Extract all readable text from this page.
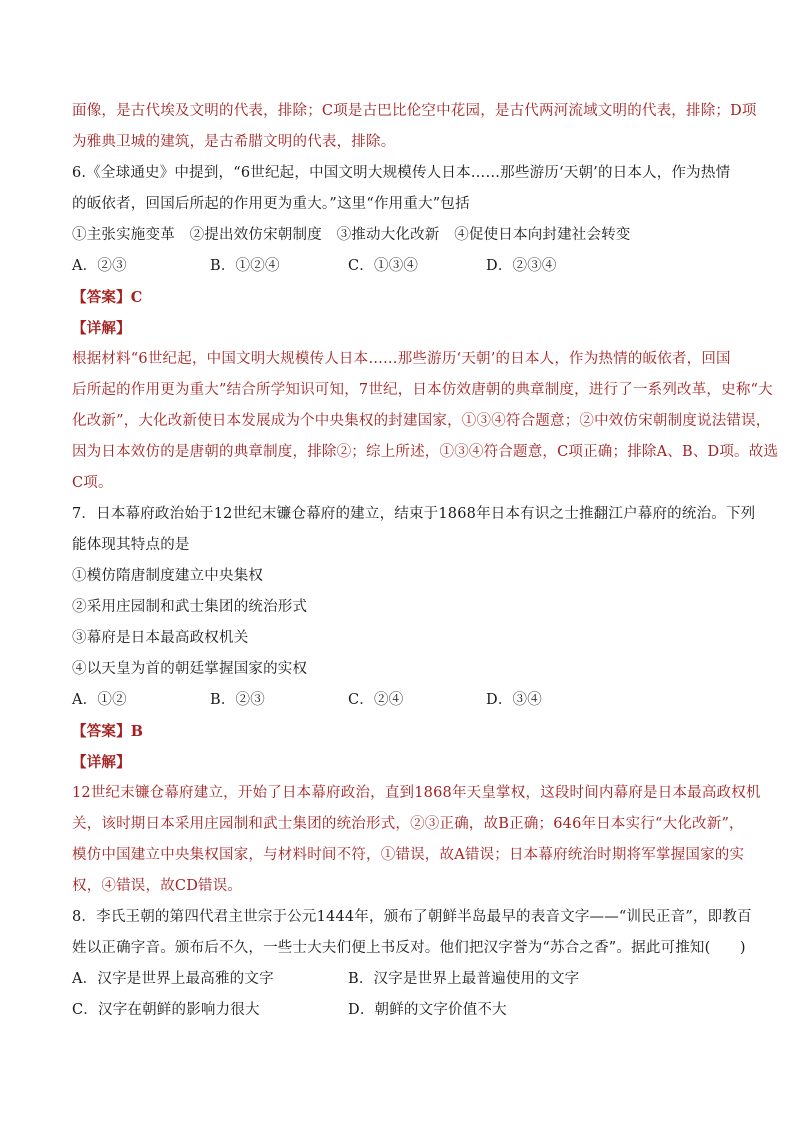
面像，是古代埃及文明的代表，排除；C项是古巴比伦空中花园，是古代两河流域文明的代表，排除；D项
为雅典卫城的建筑，是古希腊文明的代表，排除。
6.《全球通史》中提到，“6世纪起，中国文明大规模传人日本……那些游历‘天朝’的日本人，作为热情
的皈依者，回国后所起的作用更为重大。”这里“作用重大”包括
①主张实施变革　②提出效仿宋朝制度　③推动大化改新　④促使日本向封建社会转变
A．②③	B．①②④	C．①③④	D．②③④
【答案】C
【详解】
根据材料“6世纪起，中国文明大规模传人日本……那些游历‘天朝’的日本人，作为热情的皈依者，回国
后所起的作用更为重大”结合所学知识可知，7世纪，日本仿效唐朝的典章制度，进行了一系列改革，史称“大
化改新”，大化改新使日本发展成为个中央集权的封建国家，①③④符合题意；②中效仿宋朝制度说法错误，
因为日本效仿的是唐朝的典章制度，排除②；综上所述，①③④符合题意，C项正确；排除A、B、D项。故选
C项。
7．日本幕府政治始于12世纪末镰仓幕府的建立，结束于1868年日本有识之士推翻江户幕府的统治。下列
能体现其特点的是
①模仿隋唐制度建立中央集权
②采用庄园制和武士集团的统治形式
③幕府是日本最高政权机关
④以天皇为首的朝廷掌握国家的实权
A．①②	B．②③	C．②④	D．③④
【答案】B
【详解】
12世纪末镰仓幕府建立，开始了日本幕府政治，直到1868年天皇掌权，这段时间内幕府是日本最高政权机
关，该时期日本采用庄园制和武士集团的统治形式，②③正确，故B正确；646年日本实行“大化改新”，
模仿中国建立中央集权国家，与材料时间不符，①错误，故A错误；日本幕府统治时期将军掌握国家的实
权，④错误，故CD错误。
8．李氏王朝的第四代君主世宗于公元1444年，颁布了朝鲜半岛最早的表音文字——“训民正音”，即教百
姓以正确字音。颁布后不久，一些士大夫们便上书反对。他们把汉字誉为“苏合之香”。据此可推知(　　)
A．汉字是世界上最高雅的文字	B．汉字是世界上最普遍使用的文字
C．汉字在朝鲜的影响力很大	D．朝鲜的文字价值不大
